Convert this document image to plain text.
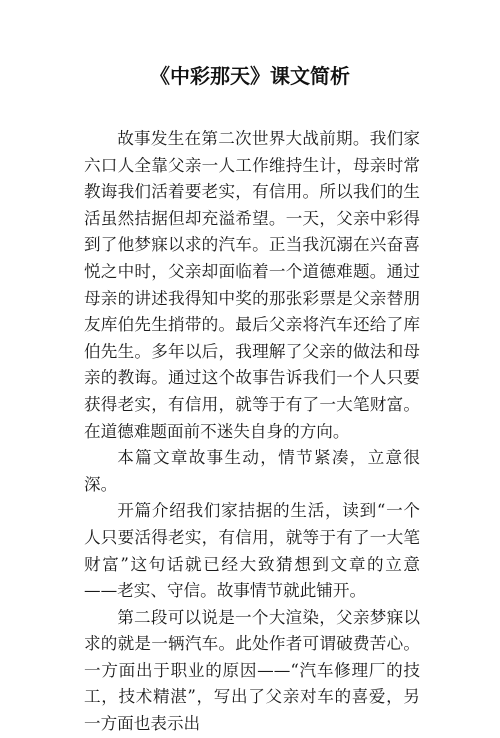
《中彩那天》课文简析

故事发生在第二次世界大战前期。我们家六口人全靠父亲一人工作维持生计，母亲时常教诲我们活着要老实，有信用。所以我们的生活虽然拮据但却充溢希望。一天，父亲中彩得到了他梦寐以求的汽车。正当我沉溺在兴奋喜悦之中时，父亲却面临着一个道德难题。通过母亲的讲述我得知中奖的那张彩票是父亲替朋友库伯先生捎带的。最后父亲将汽车还给了库伯先生。多年以后，我理解了父亲的做法和母亲的教诲。通过这个故事告诉我们一个人只要获得老实，有信用，就等于有了一大笔财富。在道德难题面前不迷失自身的方向。

本篇文章故事生动，情节紧凑，立意很深。

开篇介绍我们家拮据的生活，读到“一个人只要活得老实，有信用，就等于有了一大笔财富”这句话就已经大致猜想到文章的立意——老实、守信。故事情节就此铺开。

第二段可以说是一个大渲染，父亲梦寐以求的就是一辆汽车。此处作者可谓破费苦心。一方面出于职业的原因——“汽车修理厂的技工，技术精湛”，写出了父亲对车的喜爱，另一方面也表示出
